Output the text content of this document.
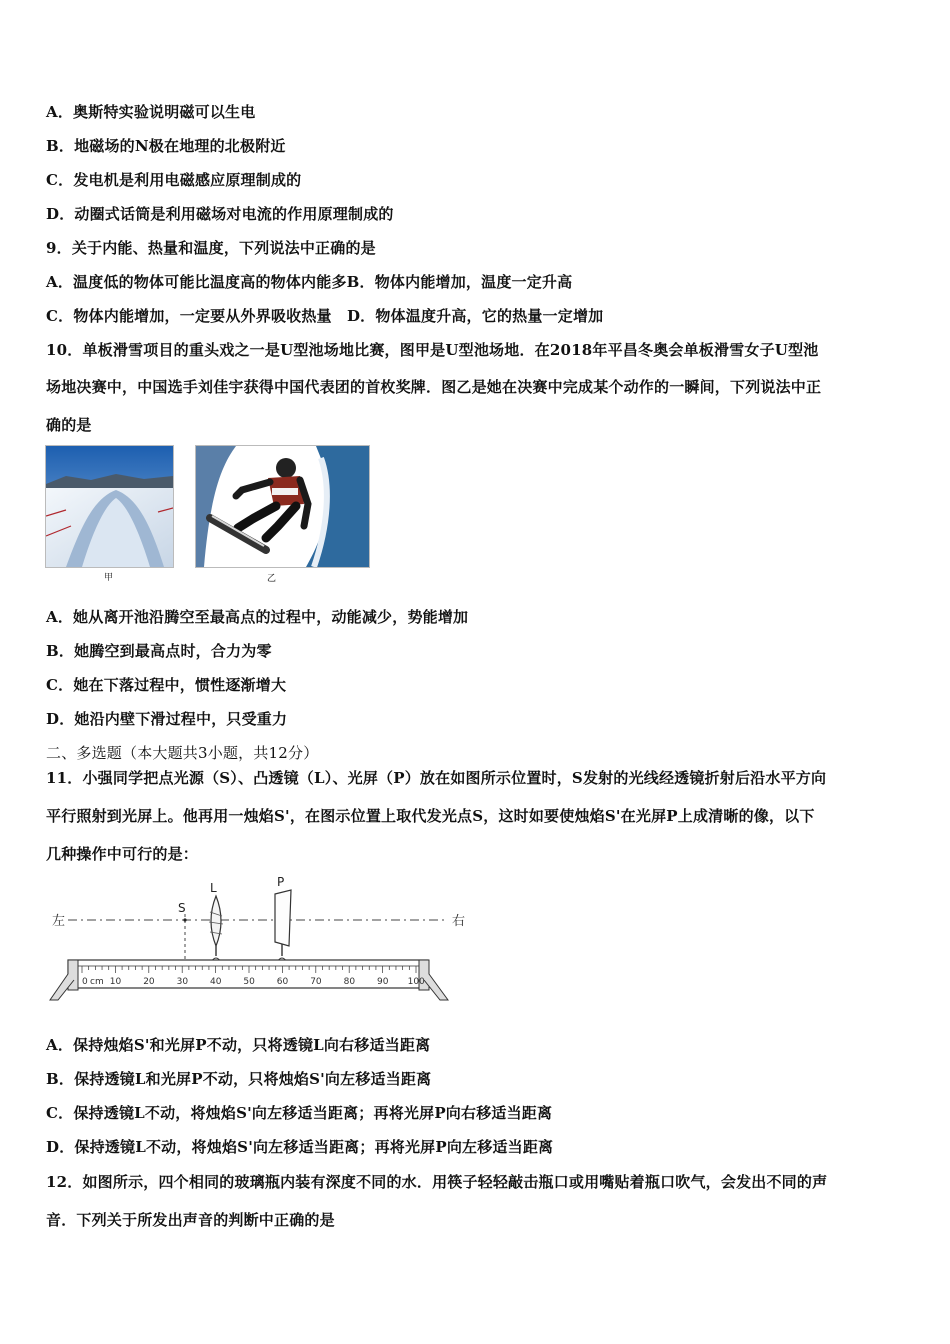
A．奥斯特实验说明磁可以生电
B．地磁场的N极在地理的北极附近
C．发电机是利用电磁感应原理制成的
D．动圈式话筒是利用磁场对电流的作用原理制成的
9．关于内能、热量和温度，下列说法中正确的是
A．温度低的物体可能比温度高的物体内能多B．物体内能增加，温度一定升高
C．物体内能增加，一定要从外界吸收热量　D．物体温度升高，它的热量一定增加
10．单板滑雪项目的重头戏之一是U型池场地比赛，图甲是U型池场地．在2018年平昌冬奥会单板滑雪女子U型池
场地决赛中，中国选手刘佳宇获得中国代表团的首枚奖牌．图乙是她在决赛中完成某个动作的一瞬间，下列说法中正
确的是
甲	乙
A．她从离开池沿腾空至最高点的过程中，动能减少，势能增加
B．她腾空到最高点时，合力为零
C．她在下落过程中，惯性逐渐增大
D．她沿内壁下滑过程中，只受重力
二、多选题（本大题共3小题，共12分）
11．小强同学把点光源（S）、凸透镜（L）、光屏（P）放在如图所示位置时，S发射的光线经透镜折射后沿水平方向
平行照射到光屏上。他再用一烛焰S'，在图示位置上取代发光点S，这时如要使烛焰S'在光屏P上成清晰的像，以下
几种操作中可行的是：
左	右
S
L	P
10 20 30 40 50 60 70 80 90 100
0 cm
A．保持烛焰S'和光屏P不动，只将透镜L向右移适当距离
B．保持透镜L和光屏P不动，只将烛焰S'向左移适当距离
C．保持透镜L不动，将烛焰S'向左移适当距离；再将光屏P向右移适当距离
D．保持透镜L不动，将烛焰S'向左移适当距离；再将光屏P向左移适当距离
12．如图所示，四个相同的玻璃瓶内装有深度不同的水．用筷子轻轻敲击瓶口或用嘴贴着瓶口吹气，会发出不同的声
音．下列关于所发出声音的判断中正确的是
